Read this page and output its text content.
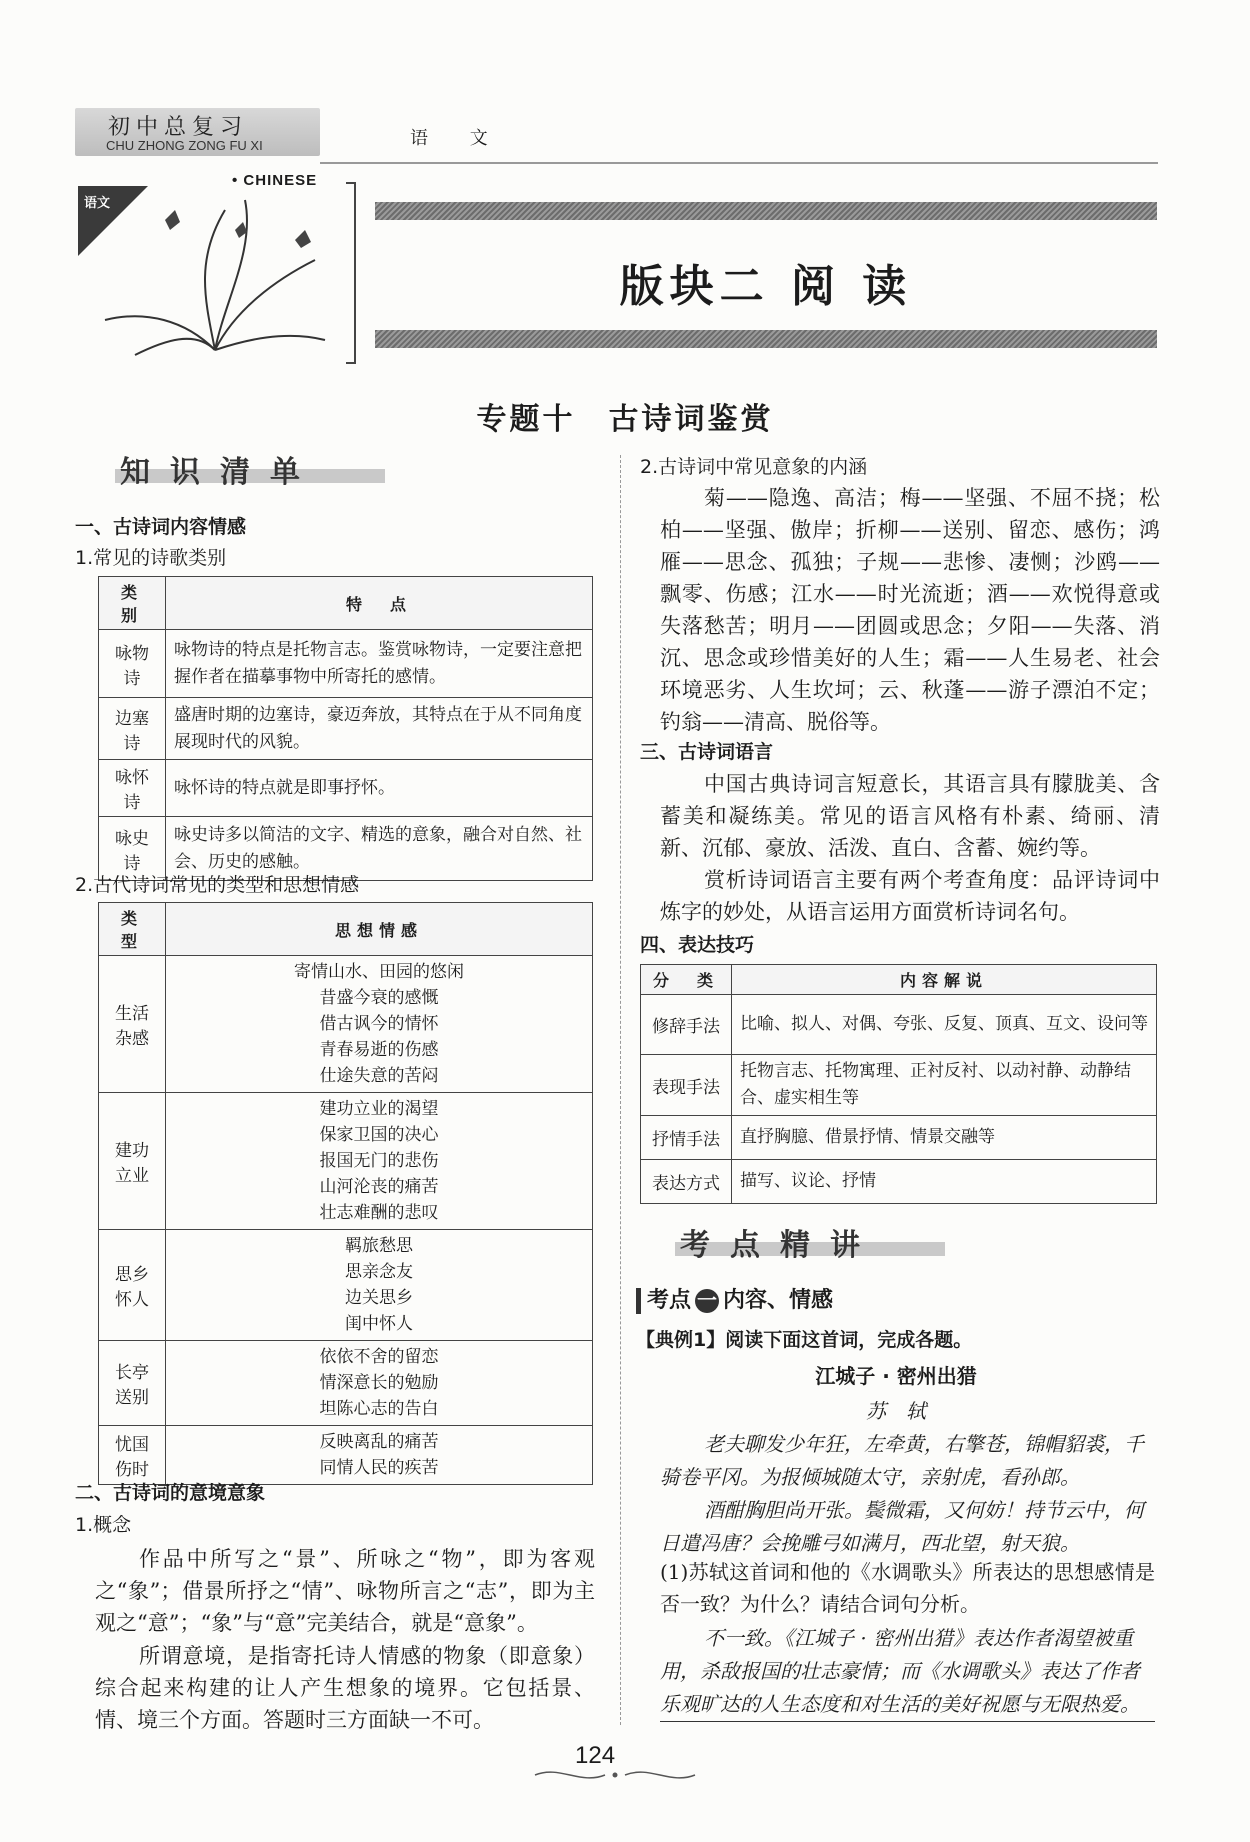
初中总复习
CHU ZHONG ZONG FU XI	语 文
语文
• CHINESE
版块二 阅 读
专题十　古诗词鉴赏
知识清单
一、古诗词内容情感
1.常见的诗歌类别
类　别	特　点
咏物诗	咏物诗的特点是托物言志。鉴赏咏物诗，一定要注意把握作者在描摹事物中所寄托的感情。
边塞诗	盛唐时期的边塞诗，豪迈奔放，其特点在于从不同角度展现时代的风貌。
咏怀诗	咏怀诗的特点就是即事抒怀。
咏史诗	咏史诗多以简洁的文字、精选的意象，融合对自然、社会、历史的感触。
2.古代诗词常见的类型和思想情感
类　型	思想情感
生活杂感	寄情山水、田园的悠闲
昔盛今衰的感慨
借古讽今的情怀
青春易逝的伤感
仕途失意的苦闷

建功立业	建功立业的渴望
保家卫国的决心
报国无门的悲伤
山河沦丧的痛苦
壮志难酬的悲叹

思乡怀人	羁旅愁思
思亲念友
边关思乡
闺中怀人

长亭送别	依依不舍的留恋
情深意长的勉励
坦陈心志的告白

忧国伤时	反映离乱的痛苦
同情人民的疾苦
二、古诗词的意境意象
1.概念
作品中所写之“景”、所咏之“物”，即为客观之“象”；借景所抒之“情”、咏物所言之“志”，即为主观之“意”；“象”与“意”完美结合，就是“意象”。
所谓意境，是指寄托诗人情感的物象（即意象）综合起来构建的让人产生想象的境界。它包括景、情、境三个方面。答题时三方面缺一不可。
2.古诗词中常见意象的内涵
菊——隐逸、高洁；梅——坚强、不屈不挠；松柏——坚强、傲岸；折柳——送别、留恋、感伤；鸿雁——思念、孤独；子规——悲惨、凄恻；沙鸥——飘零、伤感；江水——时光流逝；酒——欢悦得意或失落愁苦；明月——团圆或思念；夕阳——失落、消沉、思念或珍惜美好的人生；霜——人生易老、社会环境恶劣、人生坎坷；云、秋蓬——游子漂泊不定；钓翁——清高、脱俗等。
三、古诗词语言
中国古典诗词言短意长，其语言具有朦胧美、含蓄美和凝练美。常见的语言风格有朴素、绮丽、清新、沉郁、豪放、活泼、直白、含蓄、婉约等。
赏析诗词语言主要有两个考查角度：品评诗词中炼字的妙处，从语言运用方面赏析诗词名句。
四、表达技巧
分　类	内容解说
修辞手法	比喻、拟人、对偶、夸张、反复、顶真、互文、设问等
表现手法	托物言志、托物寓理、正衬反衬、以动衬静、动静结合、虚实相生等
抒情手法	直抒胸臆、借景抒情、情景交融等
表达方式	描写、议论、抒情
考点精讲
考点 一 内容、情感
【典例1】阅读下面这首词，完成各题。
江城子 · 密州出猎
苏　轼
老夫聊发少年狂，左牵黄，右擎苍，锦帽貂裘，千骑卷平冈。为报倾城随太守，亲射虎，看孙郎。
酒酣胸胆尚开张。鬓微霜，又何妨！持节云中，何日遣冯唐？会挽雕弓如满月，西北望，射天狼。
(1)苏轼这首词和他的《水调歌头》所表达的思想感情是否一致？为什么？请结合词句分析。
不一致。《江城子 · 密州出猎》表达作者渴望被重用，杀敌报国的壮志豪情；而《水调歌头》表达了作者乐观旷达的人生态度和对生活的美好祝愿与无限热爱。
124
